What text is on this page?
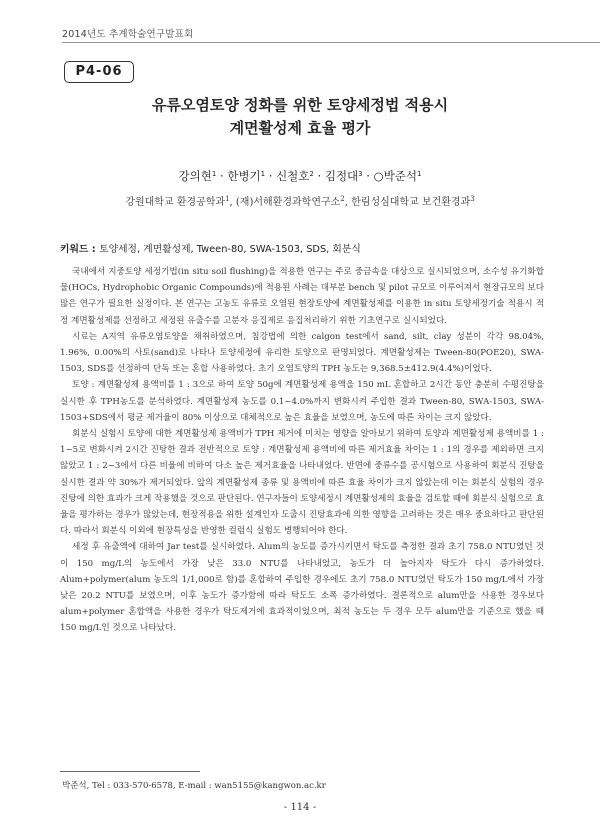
2014년도 추계학술연구발표회
P4-06
유류오염토양 정화를 위한 토양세정법 적용시
계면활성제 효율 평가
강의현$^1$ · 한병기$^1$ · 신철호$^2$ · 김정대$^3$ · ○박준석$^1$
강원대학교 환경공학과$^1$, (재)서해환경과학연구소$^2$, 한림성심대학교 보건환경과$^3$
키워드 : 토양세정, 계면활성제, Tween-80, SWA-1503, SDS, 회분식

국내에서 지중토양 세정기법(in situ soil flushing)을 적용한 연구는 주로 중금속을 대상으로 실시되었으며, 소수성 유기화합물(HOCs, Hydrophobic Organic Compounds)에 적용된 사례는 대부분 bench 및 pilot 규모로 이루어져서 현장규모의 보다 많은 연구가 필요한 실정이다. 본 연구는 고농도 유류로 오염된 현장토양에 계면활성제를 이용한 in situ 토양세정기술 적용시 적정 계면활성제를 선정하고 세정된 유출수를 고분자 응집제로 응집처리하기 위한 기초연구로 실시되었다.

시료는 A지역 유류오염토양을 채취하였으며, 침강법에 의한 calgon test에서 sand, silt, clay 성분이 각각 98.04%, 1.96%, 0.00%의 사토(sand)로 나타나 토양세정에 유리한 토양으로 판명되었다. 계면활성제는 Tween-80(POE20), SWA-1503, SDS를 선정하여 단독 또는 혼합 사용하였다. 초기 오염토양의 TPH 농도는 9,368.5±412.9(4.4%)이었다.

토양 : 계면활성제 용액비를 1 : 3으로 하여 토양 50g에 계면활성제 용액을 150 mL 혼합하고 2시간 동안 충분히 수평진탕을 실시한 후 TPH농도를 분석하였다. 계면활성제 농도를 0.1~4.0%까지 변화시켜 주입한 결과 Tween-80, SWA-1503, SWA-1503+SDS에서 평균 제거율이 80% 이상으로 대체적으로 높은 효율을 보였으며, 농도에 따른 차이는 크지 않았다.

회분식 실험시 토양에 대한 계면활성제 용액비가 TPH 제거에 미치는 영향을 알아보기 위하여 토양과 계면활성제 용액비를 1 : 1~5로 변화시켜 2시간 진탕한 결과 전반적으로 토양 : 계면활성제 용액비에 따른 제거효율 차이는 1 : 1의 경우를 제외하면 크지 않았고 1 : 2~3에서 다른 비율에 비하여 다소 높은 제거효율을 나타내었다. 반면에 중류수를 공시험으로 사용하여 회분식 진탕을 실시한 결과 약 30%가 제거되었다. 앞의 계면활성제 종류 및 용액비에 따른 효율 차이가 크지 않았는데 이는 회분식 실험의 경우 진탕에 의한 효과가 크게 작용했을 것으로 판단된다. 연구자들이 토양세정시 계면활성제의 효율을 검토할 때에 회분식 실험으로 효율을 평가하는 경우가 많았는데, 현장적용을 위한 설계인자 도출시 진탕효과에 의한 영향을 고려하는 것은 매우 중요하다고 판단된다. 따라서 회분식 이외에 현장특성을 반영한 컬럼식 실험도 병행되어야 한다.

세정 후 유출액에 대하여 Jar test를 실시하였다. Alum의 농도를 증가시키면서 탁도를 측정한 결과 초기 758.0 NTU였던 것이 150 mg/L의 농도에서 가장 낮은 33.0 NTU를 나타내었고, 농도가 더 높아지자 탁도가 다시 증가하였다. Alum+polymer(alum 농도의 1/1,000로 함)를 혼합하여 주입한 경우에도 초기 758.0 NTU였던 탁도가 150 mg/L에서 가장 낮은 20.2 NTU를 보였으며, 이후 농도가 증가함에 따라 탁도도 소폭 증가하였다. 결론적으로 alum만을 사용한 경우보다 alum+polymer 혼합액을 사용한 경우가 탁도제거에 효과적이었으며, 최적 농도는 두 경우 모두 alum만을 기준으로 했을 때 150 mg/L인 것으로 나타났다.

박준석, Tel : 033-570-6578, E-mail : wan5155@kangwon.ac.kr
- 114 -
